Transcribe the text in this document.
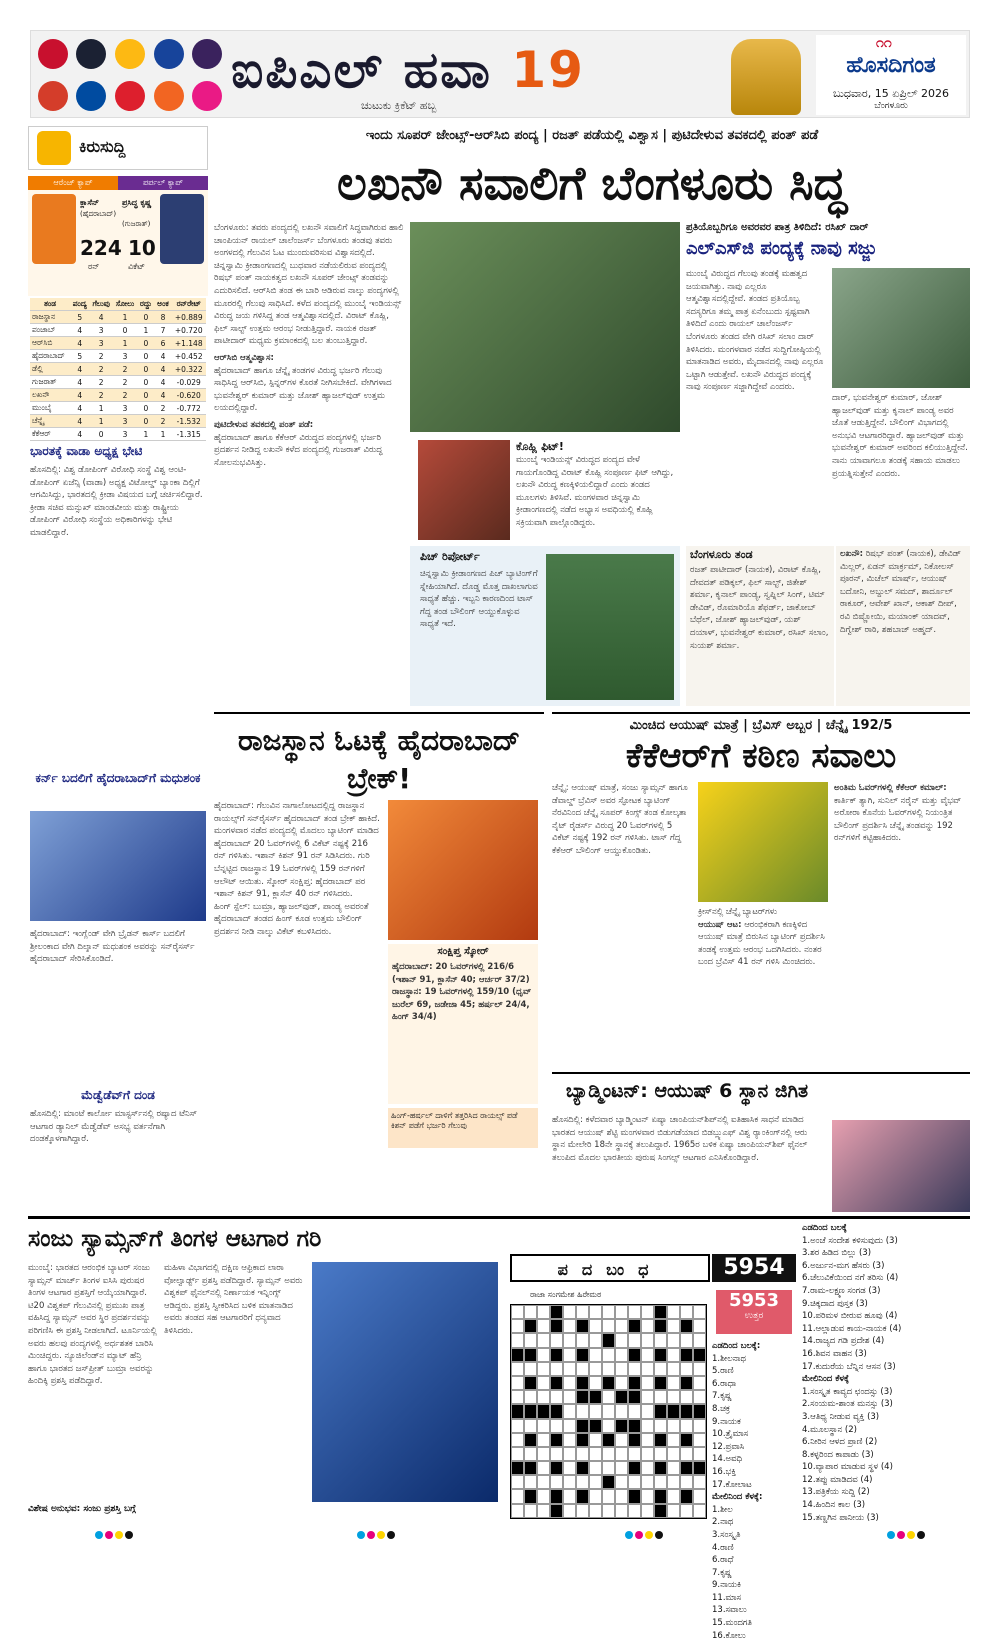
ಐಪಿಎಲ್ ಹವಾ 19
ಚುಟುಕು ಕ್ರಿಕೆಟ್ ಹಬ್ಬ
೧೧
ಹೊಸದಿಗಂತ
ಬುಧವಾರ, 15 ಏಪ್ರಿಲ್ 2026
ಬೆಂಗಳೂರು
ಕಿರುಸುದ್ದಿ
ಆರೆಂಜ್ ಕ್ಯಾಪ್	ಪರ್ಪಲ್ ಕ್ಯಾಪ್
ಕ್ಲಾಸೆನ್
(ಹೈದರಾಬಾದ್)
224
ರನ್
ಪ್ರಸಿದ್ಧ ಕೃಷ್ಣ
(ಗುಜರಾತ್)
10
ವಿಕೆಟ್
ತಂಡ	ಪಂದ್ಯ	ಗೆಲುವು	ಸೋಲು	ರದ್ದು	ಅಂಕ	ರನ್‌ರೇಟ್
ರಾಜಸ್ಥಾನ	5	4	1	0	8	+0.889
ಪಂಜಾಬ್	4	3	0	1	7	+0.720
ಆರ್‌ಸಿಬಿ	4	3	1	0	6	+1.148
ಹೈದರಾಬಾದ್	5	2	3	0	4	+0.452
ಡೆಲ್ಲಿ	4	2	2	0	4	+0.322
ಗುಜರಾತ್	4	2	2	0	4	-0.029
ಲಖನೌ	4	2	2	0	4	-0.620
ಮುಂಬೈ	4	1	3	0	2	-0.772
ಚೆನ್ನೈ	4	1	3	0	2	-1.532
ಕೆಕೆಆರ್	4	0	3	1	1	-1.315
ಭಾರತಕ್ಕೆ ವಾಡಾ ಅಧ್ಯಕ್ಷ ಭೇಟಿ
ಹೊಸದಿಲ್ಲಿ: ವಿಶ್ವ ಡೋಪಿಂಗ್ ವಿರೋಧಿ ಸಂಸ್ಥೆ ವಿಶ್ವ ಆಂಟಿ-ಡೋಪಿಂಗ್ ಏಜೆನ್ಸಿ (ವಾಡಾ) ಅಧ್ಯಕ್ಷ ವಿಟೋಲ್ಡ್ ಬ್ಯಾಂಕಾ ದಿಲ್ಲಿಗೆ ಆಗಮಿಸಿದ್ದು, ಭಾರತದಲ್ಲಿ ಕ್ರೀಡಾ ವಿಷಯದ ಬಗ್ಗೆ ಚರ್ಚಿಸಲಿದ್ದಾರೆ. ಕ್ರೀಡಾ ಸಚಿವ ಮನ್ಸುಖ್ ಮಾಂಡವೀಯ ಮತ್ತು ರಾಷ್ಟ್ರೀಯ ಡೋಪಿಂಗ್ ವಿರೋಧಿ ಸಂಸ್ಥೆಯ ಅಧಿಕಾರಿಗಳನ್ನು ಭೇಟಿ ಮಾಡಲಿದ್ದಾರೆ.
ಕರ್ನ್ ಬದಲಿಗೆ ಹೈದರಾಬಾದ್‌ಗೆ ಮಧುಶಂಕ
ಹೈದರಾಬಾದ್: ಇಂಗ್ಲೆಂಡ್ ವೇಗಿ ಬ್ರೈಡನ್ ಕಾರ್ಸ್ ಬದಲಿಗೆ ಶ್ರೀಲಂಕಾದ ವೇಗಿ ದಿಲ್ಶಾನ್ ಮಧುಶಂಕ ಅವರನ್ನು ಸನ್‌ರೈಸರ್ಸ್ ಹೈದರಾಬಾದ್ ಸೇರಿಸಿಕೊಂಡಿದೆ.
ಮೆಡ್ವೆಡೆವ್‌ಗೆ ದಂಡ
ಹೊಸದಿಲ್ಲಿ: ಮಾಂಟೆ ಕಾರ್ಲೋ ಮಾಸ್ಟರ್ಸ್‌ನಲ್ಲಿ ರಷ್ಯಾದ ಟೆನಿಸ್ ಆಟಗಾರ ಡ್ಯಾನಿಲ್ ಮೆಡ್ವೆಡೆವ್ ಅಸಭ್ಯ ವರ್ತನೆಗಾಗಿ ದಂಡಕ್ಕೊಳಗಾಗಿದ್ದಾರೆ.
ಇಂದು ಸೂಪರ್ ಜೇಂಟ್ಸ್-ಆರ್‌ಸಿಬಿ ಪಂದ್ಯ | ರಜತ್ ಪಡೆಯಲ್ಲಿ ವಿಶ್ವಾಸ | ಪುಟಿದೇಳುವ ತವಕದಲ್ಲಿ ಪಂತ್ ಪಡೆ
ಲಖನೌ ಸವಾಲಿಗೆ ಬೆಂಗಳೂರು ಸಿದ್ಧ
ಬೆಂಗಳೂರು: ತವರು ಪಂದ್ಯದಲ್ಲಿ ಲಖನೌ ಸವಾಲಿಗೆ ಸಿದ್ಧವಾಗಿರುವ ಹಾಲಿ ಚಾಂಪಿಯನ್ ರಾಯಲ್ ಚಾಲೆಂಜರ್ಸ್ ಬೆಂಗಳೂರು ತಂಡವು ತವರು ಅಂಗಳದಲ್ಲಿ ಗೆಲುವಿನ ಓಟ ಮುಂದುವರಿಸುವ ವಿಶ್ವಾಸದಲ್ಲಿದೆ. ಚಿನ್ನಸ್ವಾಮಿ ಕ್ರೀಡಾಂಗಣದಲ್ಲಿ ಬುಧವಾರ ನಡೆಯಲಿರುವ ಪಂದ್ಯದಲ್ಲಿ ರಿಷಭ್ ಪಂತ್ ನಾಯಕತ್ವದ ಲಖನೌ ಸೂಪರ್ ಜೇಂಟ್ಸ್ ತಂಡವನ್ನು ಎದುರಿಸಲಿದೆ. ಆರ್‌ಸಿಬಿ ತಂಡ ಈ ಬಾರಿ ಆಡಿರುವ ನಾಲ್ಕು ಪಂದ್ಯಗಳಲ್ಲಿ ಮೂರರಲ್ಲಿ ಗೆಲುವು ಸಾಧಿಸಿದೆ. ಕಳೆದ ಪಂದ್ಯದಲ್ಲಿ ಮುಂಬೈ ಇಂಡಿಯನ್ಸ್ ವಿರುದ್ಧ ಜಯ ಗಳಿಸಿದ್ದ ತಂಡ ಆತ್ಮವಿಶ್ವಾಸದಲ್ಲಿದೆ. ವಿರಾಟ್ ಕೊಹ್ಲಿ, ಫಿಲ್ ಸಾಲ್ಟ್ ಉತ್ತಮ ಆರಂಭ ನೀಡುತ್ತಿದ್ದಾರೆ. ನಾಯಕ ರಜತ್ ಪಾಟೀದಾರ್ ಮಧ್ಯಮ ಕ್ರಮಾಂಕದಲ್ಲಿ ಬಲ ತುಂಬುತ್ತಿದ್ದಾರೆ.
ಆರ್‌ಸಿಬಿ ಆತ್ಮವಿಶ್ವಾಸ:
ಹೈದರಾಬಾದ್ ಹಾಗೂ ಚೆನ್ನೈ ತಂಡಗಳ ವಿರುದ್ಧ ಭರ್ಜರಿ ಗೆಲುವು ಸಾಧಿಸಿದ್ದ ಆರ್‌ಸಿಬಿ, ಸ್ಪಿನ್ನರ್‌ಗಳ ಕೊರತೆ ನೀಗಿಸಬೇಕಿದೆ. ವೇಗಿಗಳಾದ ಭುವನೇಶ್ವರ್ ಕುಮಾರ್ ಮತ್ತು ಜೋಶ್ ಹ್ಯಾಜಲ್‌ವುಡ್ ಉತ್ತಮ ಲಯದಲ್ಲಿದ್ದಾರೆ.
ಪುಟಿದೇಳುವ ತವಕದಲ್ಲಿ ಪಂತ್ ಪಡೆ:
ಹೈದರಾಬಾದ್ ಹಾಗೂ ಕೆಕೆಆರ್ ವಿರುದ್ಧದ ಪಂದ್ಯಗಳಲ್ಲಿ ಭರ್ಜರಿ ಪ್ರದರ್ಶನ ನೀಡಿದ್ದ ಲಖನೌ ಕಳೆದ ಪಂದ್ಯದಲ್ಲಿ ಗುಜರಾತ್ ವಿರುದ್ಧ ಸೋಲನುಭವಿಸಿತ್ತು.
ಕೊಹ್ಲಿ ಫಿಟ್!
ಮುಂಬೈ ಇಂಡಿಯನ್ಸ್ ವಿರುದ್ಧದ ಪಂದ್ಯದ ವೇಳೆ ಗಾಯಗೊಂಡಿದ್ದ ವಿರಾಟ್ ಕೊಹ್ಲಿ ಸಂಪೂರ್ಣ ಫಿಟ್ ಆಗಿದ್ದು, ಲಖನೌ ವಿರುದ್ಧ ಕಣಕ್ಕಿಳಿಯಲಿದ್ದಾರೆ ಎಂದು ತಂಡದ ಮೂಲಗಳು ತಿಳಿಸಿವೆ. ಮಂಗಳವಾರ ಚಿನ್ನಸ್ವಾಮಿ ಕ್ರೀಡಾಂಗಣದಲ್ಲಿ ನಡೆದ ಅಭ್ಯಾಸ ಅವಧಿಯಲ್ಲಿ ಕೊಹ್ಲಿ ಸಕ್ರಿಯವಾಗಿ ಪಾಲ್ಗೊಂಡಿದ್ದರು.
ಪಿಚ್ ರಿಪೋರ್ಟ್
ಚಿನ್ನಸ್ವಾಮಿ ಕ್ರೀಡಾಂಗಣದ ಪಿಚ್ ಬ್ಯಾಟಿಂಗ್‌ಗೆ ಸ್ನೇಹಿಯಾಗಿದೆ. ದೊಡ್ಡ ಮೊತ್ತ ದಾಖಲಾಗುವ ಸಾಧ್ಯತೆ ಹೆಚ್ಚು. ಇಬ್ಬನಿ ಕಾರಣದಿಂದ ಟಾಸ್ ಗೆದ್ದ ತಂಡ ಬೌಲಿಂಗ್ ಆಯ್ದುಕೊಳ್ಳುವ ಸಾಧ್ಯತೆ ಇದೆ.
ಬೆಂಗಳೂರು ತಂಡ
ರಜತ್ ಪಾಟೀದಾರ್ (ನಾಯಕ), ವಿರಾಟ್ ಕೊಹ್ಲಿ, ದೇವದತ್ ಪಡಿಕ್ಕಲ್, ಫಿಲ್ ಸಾಲ್ಟ್, ಜಿತೇಶ್ ಶರ್ಮಾ, ಕೃನಾಲ್ ಪಾಂಡ್ಯ, ಸ್ವಪ್ನಿಲ್ ಸಿಂಗ್, ಟಿಮ್ ಡೇವಿಡ್, ರೊಮಾರಿಯೊ ಶೆಫರ್ಡ್, ಜಾಕೋಬ್ ಬೆಥೆಲ್, ಜೋಶ್ ಹ್ಯಾಜಲ್‌ವುಡ್, ಯಶ್ ದಯಾಳ್, ಭುವನೇಶ್ವರ್ ಕುಮಾರ್, ರಸಿಖ್ ಸಲಾಂ, ಸುಯಶ್ ಶರ್ಮಾ.
ಲಖನೌ: ರಿಷಭ್ ಪಂತ್ (ನಾಯಕ), ಡೇವಿಡ್ ಮಿಲ್ಲರ್, ಏಡನ್ ಮಾರ್ಕ್ರಮ್, ನಿಕೋಲಸ್ ಪೂರನ್, ಮಿಚೆಲ್ ಮಾರ್ಷ್, ಆಯುಷ್ ಬದೋನಿ, ಅಬ್ದುಲ್ ಸಮದ್, ಶಾರ್ದೂಲ್ ಠಾಕೂರ್, ಆವೇಶ್ ಖಾನ್, ಆಕಾಶ್ ದೀಪ್, ರವಿ ಬಿಷ್ಣೋಯಿ, ಮಯಾಂಕ್ ಯಾದವ್, ದಿಗ್ವೇಶ್ ರಾಠಿ, ಶಹಬಾಜ್ ಅಹ್ಮದ್.
ಪ್ರತಿಯೊಬ್ಬರಿಗೂ ಅವರವರ ಪಾತ್ರ ತಿಳಿದಿದೆ: ರಸಿಖ್ ದಾರ್
ಎಲ್‌ಎಸ್‌ಜಿ ಪಂದ್ಯಕ್ಕೆ ನಾವು ಸಜ್ಜು
ಮುಂಬೈ ವಿರುದ್ಧದ ಗೆಲುವು ತಂಡಕ್ಕೆ ಮಹತ್ವದ ಜಯವಾಗಿತ್ತು. ನಾವು ಎಲ್ಲರೂ ಆತ್ಮವಿಶ್ವಾಸದಲ್ಲಿದ್ದೇವೆ. ತಂಡದ ಪ್ರತಿಯೊಬ್ಬ ಸದಸ್ಯರಿಗೂ ತಮ್ಮ ಪಾತ್ರ ಏನೆಂಬುದು ಸ್ಪಷ್ಟವಾಗಿ ತಿಳಿದಿದೆ ಎಂದು ರಾಯಲ್ ಚಾಲೆಂಜರ್ಸ್ ಬೆಂಗಳೂರು ತಂಡದ ವೇಗಿ ರಸಿಖ್ ಸಲಾಂ ದಾರ್ ತಿಳಿಸಿದರು. ಮಂಗಳವಾರ ನಡೆದ ಸುದ್ದಿಗೋಷ್ಠಿಯಲ್ಲಿ ಮಾತನಾಡಿದ ಅವರು, ಮೈದಾನದಲ್ಲಿ ನಾವು ಎಲ್ಲರೂ ಒಟ್ಟಾಗಿ ಆಡುತ್ತೇವೆ. ಲಖನೌ ವಿರುದ್ಧದ ಪಂದ್ಯಕ್ಕೆ ನಾವು ಸಂಪೂರ್ಣ ಸಜ್ಜಾಗಿದ್ದೇವೆ ಎಂದರು.
ದಾರ್, ಭುವನೇಶ್ವರ್ ಕುಮಾರ್, ಜೋಶ್ ಹ್ಯಾಜಲ್‌ವುಡ್ ಮತ್ತು ಕೃನಾಲ್ ಪಾಂಡ್ಯ ಅವರ ಜೊತೆ ಆಡುತ್ತಿದ್ದೇನೆ. ಬೌಲಿಂಗ್ ವಿಭಾಗದಲ್ಲಿ ಅನುಭವಿ ಆಟಗಾರರಿದ್ದಾರೆ. ಹ್ಯಾಜಲ್‌ವುಡ್ ಮತ್ತು ಭುವನೇಶ್ವರ್ ಕುಮಾರ್ ಅವರಿಂದ ಕಲಿಯುತ್ತಿದ್ದೇನೆ. ನಾನು ಯಾವಾಗಲೂ ತಂಡಕ್ಕೆ ಸಹಾಯ ಮಾಡಲು ಪ್ರಯತ್ನಿಸುತ್ತೇನೆ ಎಂದರು.
ರಾಜಸ್ಥಾನ ಓಟಕ್ಕೆ ಹೈದರಾಬಾದ್ ಬ್ರೇಕ್!
ಹೈದರಾಬಾದ್: ಗೆಲುವಿನ ನಾಗಾಲೋಟದಲ್ಲಿದ್ದ ರಾಜಸ್ಥಾನ ರಾಯಲ್ಸ್‌ಗೆ ಸನ್‌ರೈಸರ್ಸ್ ಹೈದರಾಬಾದ್ ತಂಡ ಬ್ರೇಕ್ ಹಾಕಿದೆ. ಮಂಗಳವಾರ ನಡೆದ ಪಂದ್ಯದಲ್ಲಿ ಮೊದಲು ಬ್ಯಾಟಿಂಗ್ ಮಾಡಿದ ಹೈದರಾಬಾದ್ 20 ಓವರ್‌ಗಳಲ್ಲಿ 6 ವಿಕೆಟ್ ನಷ್ಟಕ್ಕೆ 216 ರನ್ ಗಳಿಸಿತು. ಇಶಾನ್ ಕಿಶನ್ 91 ರನ್ ಸಿಡಿಸಿದರು. ಗುರಿ ಬೆನ್ನಟ್ಟಿದ ರಾಜಸ್ಥಾನ 19 ಓವರ್‌ಗಳಲ್ಲಿ 159 ರನ್‌ಗಳಿಗೆ ಆಲೌಟ್ ಆಯಿತು. ಸ್ಕೋರ್ ಸಂಕ್ಷಿಪ್ತ: ಹೈದರಾಬಾದ್ ಪರ ಇಶಾನ್ ಕಿಶನ್ 91, ಕ್ಲಾಸೆನ್ 40 ರನ್ ಗಳಿಸಿದರು.
ಹಿಂಗ್ ಸ್ಪೆಲ್: ಬುಮ್ರಾ, ಹ್ಯಾಜಲ್‌ವುಡ್, ಪಾಂಡ್ಯ ಅವರಂತೆ ಹೈದರಾಬಾದ್ ತಂಡದ ಹಿಂಗ್ ಕೂಡ ಉತ್ತಮ ಬೌಲಿಂಗ್ ಪ್ರದರ್ಶನ ನೀಡಿ ನಾಲ್ಕು ವಿಕೆಟ್ ಕಬಳಿಸಿದರು.
ಸಂಕ್ಷಿಪ್ತ ಸ್ಕೋರ್
ಹೈದರಾಬಾದ್: 20 ಓವರ್‌ಗಳಲ್ಲಿ 216/6 (ಇಶಾನ್ 91, ಕ್ಲಾಸೆನ್ 40; ಆರ್ಚರ್ 37/2) ರಾಜಸ್ಥಾನ: 19 ಓವರ್‌ಗಳಲ್ಲಿ 159/10 (ಧೃವ್ ಜುರೆಲ್ 69, ಜಡೇಜಾ 45; ಹರ್ಷಲ್ 24/4, ಹಿಂಗ್ 34/4)
ಹಿಂಗ್-ಹರ್ಷಲ್ ದಾಳಿಗೆ ತತ್ತರಿಸಿದ ರಾಯಲ್ಸ್ ಪಡೆ
ಕಿಶನ್ ಪಡೆಗೆ ಭರ್ಜರಿ ಗೆಲುವು
ಮಿಂಚಿದ ಆಯುಷ್ ಮಾತ್ರೆ | ಬ್ರೆವಿಸ್ ಅಬ್ಬರ | ಚೆನ್ನೈ 192/5
ಕೆಕೆಆರ್‌ಗೆ ಕಠಿಣ ಸವಾಲು
ಚೆನ್ನೈ: ಆಯುಷ್ ಮಾತ್ರೆ, ಸಂಜು ಸ್ಯಾಮ್ಸನ್ ಹಾಗೂ ಡೆವಾಲ್ಡ್ ಬ್ರೆವಿಸ್ ಅವರ ಸ್ಫೋಟಕ ಬ್ಯಾಟಿಂಗ್ ನೆರವಿನಿಂದ ಚೆನ್ನೈ ಸೂಪರ್ ಕಿಂಗ್ಸ್ ತಂಡ ಕೋಲ್ಕತಾ ನೈಟ್ ರೈಡರ್ಸ್ ವಿರುದ್ಧ 20 ಓವರ್‌ಗಳಲ್ಲಿ 5 ವಿಕೆಟ್ ನಷ್ಟಕ್ಕೆ 192 ರನ್ ಗಳಿಸಿತು. ಟಾಸ್ ಗೆದ್ದ ಕೆಕೆಆರ್ ಬೌಲಿಂಗ್ ಆಯ್ದುಕೊಂಡಿತು.
ಕ್ರೀಸ್‌ನಲ್ಲಿ ಚೆನ್ನೈ ಬ್ಯಾಟರ್‌ಗಳು
ಆಯುಷ್ ಆಟ: ಆರಂಭಿಕರಾಗಿ ಕಣಕ್ಕಿಳಿದ ಆಯುಷ್ ಮಾತ್ರೆ ಬಿರುಸಿನ ಬ್ಯಾಟಿಂಗ್ ಪ್ರದರ್ಶಿಸಿ ತಂಡಕ್ಕೆ ಉತ್ತಮ ಆರಂಭ ಒದಗಿಸಿದರು. ನಂತರ ಬಂದ ಬ್ರೆವಿಸ್ 41 ರನ್ ಗಳಿಸಿ ಮಿಂಚಿದರು.
ಅಂತಿಮ ಓವರ್‌ಗಳಲ್ಲಿ ಕೆಕೆಆರ್ ಕಮಾಲ್: ಕಾರ್ತಿಕ್ ತ್ಯಾಗಿ, ಸುನಿಲ್ ನರೈನ್ ಮತ್ತು ವೈಭವ್ ಅರೋರಾ ಕೊನೆಯ ಓವರ್‌ಗಳಲ್ಲಿ ನಿಯಂತ್ರಿತ ಬೌಲಿಂಗ್ ಪ್ರದರ್ಶಿಸಿ ಚೆನ್ನೈ ತಂಡವನ್ನು 192 ರನ್‌ಗಳಿಗೆ ಕಟ್ಟಿಹಾಕಿದರು.
ಬ್ಯಾಡ್ಮಿಂಟನ್: ಆಯುಷ್ 6 ಸ್ಥಾನ ಜಿಗಿತ
ಹೊಸದಿಲ್ಲಿ: ಕಳೆದವಾರ ಬ್ಯಾಡ್ಮಿಂಟನ್ ಏಷ್ಯಾ ಚಾಂಪಿಯನ್‌ಶಿಪ್‌ನಲ್ಲಿ ಐತಿಹಾಸಿಕ ಸಾಧನೆ ಮಾಡಿದ ಭಾರತದ ಆಯುಷ್ ಶೆಟ್ಟಿ ಮಂಗಳವಾರ ಬಿಡುಗಡೆಯಾದ ಬಿಡಬ್ಲ್ಯುಎಫ್ ವಿಶ್ವ ರ‍್ಯಾಂಕಿಂಗ್‌ನಲ್ಲಿ ಆರು ಸ್ಥಾನ ಮೇಲೇರಿ 18ನೇ ಸ್ಥಾನಕ್ಕೆ ತಲುಪಿದ್ದಾರೆ. 1965ರ ಬಳಿಕ ಏಷ್ಯಾ ಚಾಂಪಿಯನ್‌ಶಿಪ್ ಫೈನಲ್ ತಲುಪಿದ ಮೊದಲ ಭಾರತೀಯ ಪುರುಷ ಸಿಂಗಲ್ಸ್ ಆಟಗಾರ ಎನಿಸಿಕೊಂಡಿದ್ದಾರೆ.
ಸಂಜು ಸ್ಯಾಮ್ಸನ್‌ಗೆ ತಿಂಗಳ ಆಟಗಾರ ಗರಿ
ಮುಂಬೈ: ಭಾರತದ ಆರಂಭಿಕ ಬ್ಯಾಟರ್ ಸಂಜು ಸ್ಯಾಮ್ಸನ್ ಮಾರ್ಚ್ ತಿಂಗಳ ಐಸಿಸಿ ಪುರುಷರ ತಿಂಗಳ ಆಟಗಾರ ಪ್ರಶಸ್ತಿಗೆ ಆಯ್ಕೆಯಾಗಿದ್ದಾರೆ. ಟಿ20 ವಿಶ್ವಕಪ್ ಗೆಲುವಿನಲ್ಲಿ ಪ್ರಮುಖ ಪಾತ್ರ ವಹಿಸಿದ್ದ ಸ್ಯಾಮ್ಸನ್ ಅವರ ಸ್ಥಿರ ಪ್ರದರ್ಶನವನ್ನು ಪರಿಗಣಿಸಿ ಈ ಪ್ರಶಸ್ತಿ ನೀಡಲಾಗಿದೆ. ಟೂರ್ನಿಯಲ್ಲಿ ಅವರು ಹಲವು ಪಂದ್ಯಗಳಲ್ಲಿ ಅರ್ಧಶತಕ ಬಾರಿಸಿ ಮಿಂಚಿದ್ದರು. ನ್ಯೂಜಿಲೆಂಡ್‌ನ ಮ್ಯಾಟ್ ಹೆನ್ರಿ ಹಾಗೂ ಭಾರತದ ಜಸ್‌ಪ್ರೀತ್ ಬುಮ್ರಾ ಅವರನ್ನು ಹಿಂದಿಕ್ಕಿ ಪ್ರಶಸ್ತಿ ಪಡೆದಿದ್ದಾರೆ.
ಮಹಿಳಾ ವಿಭಾಗದಲ್ಲಿ ದಕ್ಷಿಣ ಆಫ್ರಿಕಾದ ಲಾರಾ ವೋಲ್ವಾರ್ಡ್ಟ್ ಪ್ರಶಸ್ತಿ ಪಡೆದಿದ್ದಾರೆ. ಸ್ಯಾಮ್ಸನ್ ಅವರು ವಿಶ್ವಕಪ್ ಫೈನಲ್‌ನಲ್ಲಿ ನಿರ್ಣಾಯಕ ಇನ್ನಿಂಗ್ಸ್ ಆಡಿದ್ದರು. ಪ್ರಶಸ್ತಿ ಸ್ವೀಕರಿಸಿದ ಬಳಿಕ ಮಾತನಾಡಿದ ಅವರು ತಂಡದ ಸಹ ಆಟಗಾರರಿಗೆ ಧನ್ಯವಾದ ತಿಳಿಸಿದರು.
ವಿಶೇಷ ಅನುಭವ: ಸಂಜು ಪ್ರಶಸ್ತಿ ಬಗ್ಗೆ
ಪದಬಂಧ
ರಾಜಾ ಸಂಗಮೇಶ ಹಿರೇಮಠ
5954
5953
ಉತ್ತರ
ಎಡದಿಂದ ಬಲಕ್ಕೆ:
1.ಶೀಲನಾಥ
5.ರಾಣಿ
6.ರಾಧಾ
7.ಕೃಷ್ಣ
8.ಚಕ್ರ
9.ನಾಯಕ
10.ತ್ರೈಮಾಸ
12.ಪ್ರವಾಸಿ
14.ಅವಧಿ
16.ಭಕ್ತಿ
17.ಕೋಲಾಟ
ಮೇಲಿನಿಂದ ಕೆಳಕ್ಕೆ:
1.ಶೀಲ
2.ನಾಥ
3.ಸಂಸ್ಕೃತಿ
4.ರಾಣಿ
6.ರಾಧೆ
7.ಕೃಷ್ಣ
9.ನಾಯಕಿ
11.ಮಾಸ
13.ಸವಾಲು
15.ಮಂದಗತಿ
16.ಕೋಲು
ಎಡದಿಂದ ಬಲಕ್ಕೆ
1.ಅಂಚೆ ಸಂದೇಶ ಕಳಿಸುವುದು (3)
3.ಶರ ಹಿಡಿದ ಬಿಲ್ಲು (3)
6.ಅರ್ಜುನ-ಮಗ ಹೆಸರು (3)
6.ಚೆಲುವಿಕೆಯಿಂದ ನಗೆ ತರಿಸು (4)
7.ರಾಮ-ಲಕ್ಷ್ಮಣ ಸಂಗಡ (3)
9.ಚಿಕ್ಕದಾದ ಪುಸ್ತಕ (3)
10.ಪರಿಮಳ ಬೀರುವ ಹೂವು (4)
11.ಆಲ್ಲಾಡುವ ಕಾಯ-ನಾಯಕ (4)
14.ರಾಜ್ಯದ ಗಡಿ ಪ್ರದೇಶ (4)
16.ಶಿವನ ವಾಹನ (3)
17.ಕುದುರೆಯ ಬೆನ್ನಿನ ಆಸನ (3)
ಮೇಲಿನಿಂದ ಕೆಳಕ್ಕೆ
1.ಸಂಸ್ಕೃತ ಕಾವ್ಯದ ಛಂದಸ್ಸು (3)
2.ಸಂಯಮ-ಶಾಂತ ಮನಸ್ಸು (3)
3.ಆತಿಥ್ಯ ನೀಡುವ ವ್ಯಕ್ತಿ (3)
4.ಮೂಲಸ್ಥಾನ (2)
6.ನೀರಿನ ಆಳದ ಪ್ರಾಣಿ (2)
8.ಕಳ್ಳರಿಂದ ಕಾಪಾಡು (3)
10.ವ್ಯಾಪಾರ ಮಾಡುವ ಸ್ಥಳ (4)
12.ತಪ್ಪು ಮಾಡಿದವ (4)
13.ಪತ್ರಿಕೆಯ ಸುದ್ದಿ (2)
14.ಹಿಂದಿನ ಕಾಲ (3)
15.ತಣ್ಣಗಿನ ಪಾನೀಯ (3)
